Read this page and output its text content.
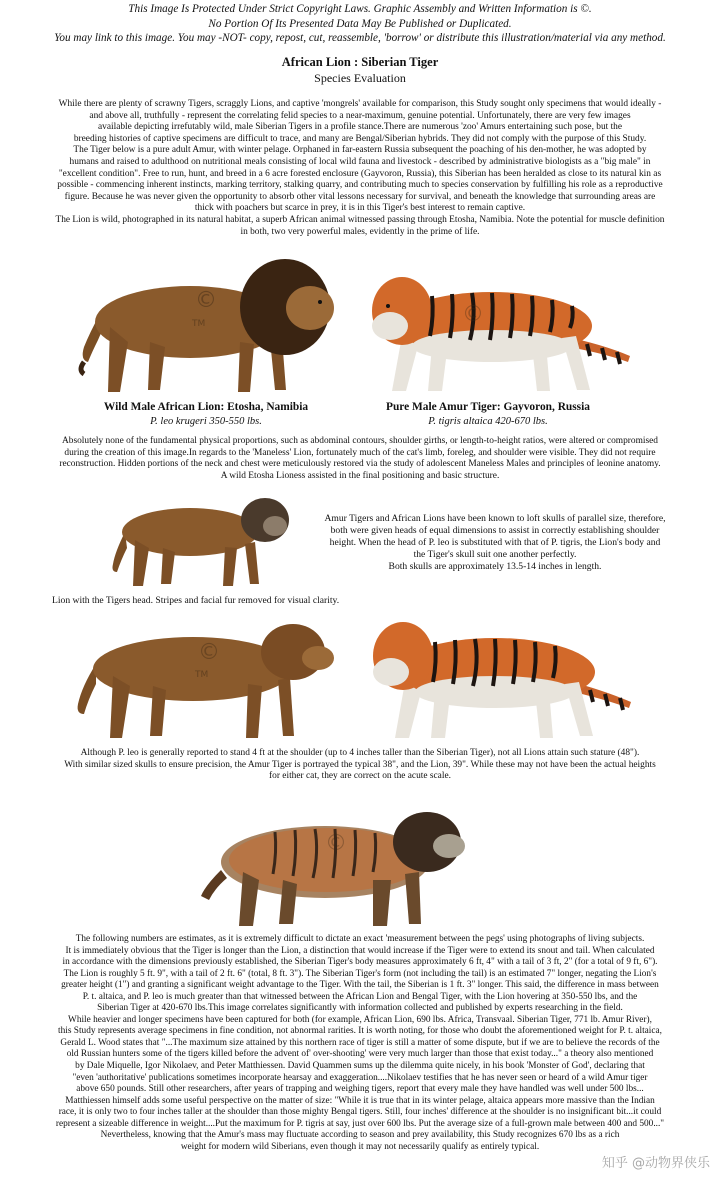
This Image Is Protected Under Strict Copyright Laws. Graphic Assembly and Written Information is ©.
No Portion Of Its Presented Data May Be Published or Duplicated.
You may link to this image. You may -NOT- copy, repost, cut, reassemble, 'borrow' or distribute this illustration/material via any method.
African Lion : Siberian Tiger
Species Evaluation
While there are plenty of scrawny Tigers, scraggly Lions, and captive 'mongrels' available for comparison, this Study sought only specimens that would ideally -
and above all, truthfully - represent the correlating felid species to a near-maximum, genuine potential. Unfortunately, there are very few images
available depicting irrefutably wild, male Siberian Tigers in a profile stance.There are numerous 'zoo' Amurs entertaining such pose, but the
breeding histories of captive specimens are difficult to trace, and many are Bengal/Siberian hybrids. They did not comply with the purpose of this Study.
The Tiger below is a pure adult Amur, with winter pelage. Orphaned in far-eastern Russia subsequent the poaching of his den-mother, he was adopted by
humans and raised to adulthood on nutritional meals consisting of local wild fauna and livestock - described by administrative biologists as a "big male" in
"excellent condition". Free to run, hunt, and breed in a 6 acre forested enclosure (Gayvoron, Russia), this Siberian has been heralded as close to its natural kin as
possible - commencing inherent instincts, marking territory, stalking quarry, and contributing much to species conservation by fulfilling his role as a reproductive
figure. Because he was never given the opportunity to absorb other vital lessons necessary for survival, and beneath the knowledge that surrounding areas are
thick with poachers but scarce in prey, it is in this Tiger's best interest to remain captive.
The Lion is wild, photographed in its natural habitat, a superb African animal witnessed passing through Etosha, Namibia. Note the potential for muscle definition
in both, two very powerful males, evidently in the prime of life.
©
TM	©
Wild Male African Lion: Etosha, Namibia
P. leo krugeri 350-550 lbs.
Pure Male Amur Tiger: Gayvoron, Russia
P. tigris altaica 420-670 lbs.
Absolutely none of the fundamental physical proportions, such as abdominal contours, shoulder girths, or length-to-height ratios, were altered or compromised
during the creation of this image.In regards to the 'Maneless' Lion, fortunately much of the cat's limb, foreleg, and shoulder were visible. They did not require
reconstruction. Hidden portions of the neck and chest were meticulously restored via the study of adolescent Maneless Males and principles of leonine anatomy.
A wild Etosha Lioness assisted in the final positioning and basic structure.
Amur Tigers and African Lions have been known to loft skulls of parallel size, therefore,
both were given heads of equal dimensions to assist in correctly establishing shoulder
height. When the head of P. leo is substituted with that of P. tigris, the Lion's body and
the Tiger's skull suit one another perfectly.
Both skulls are approximately 13.5-14 inches in length.
Lion with the Tigers head. Stripes and facial fur removed for visual clarity.
©
TM
Although P. leo is generally reported to stand 4 ft at the shoulder (up to 4 inches taller than the Siberian Tiger), not all Lions attain such stature (48").
With similar sized skulls to ensure precision, the Amur Tiger is portrayed the typical 38", and the Lion, 39". While these may not have been the actual heights
for either cat, they are correct on the acute scale.
©
The following numbers are estimates, as it is extremely difficult to dictate an exact 'measurement between the pegs' using photographs of living subjects.
It is immediately obvious that the Tiger is longer than the Lion, a distinction that would increase if the Tiger were to extend its snout and tail. When calculated
in accordance with the dimensions previously established, the Siberian Tiger's body measures approximately 6 ft, 4" with a tail of 3 ft, 2" (for a total of 9 ft, 6").
The Lion is roughly 5 ft. 9", with a tail of 2 ft. 6" (total, 8 ft. 3"). The Siberian Tiger's form (not including the tail) is an estimated 7" longer, negating the Lion's
greater height (1") and granting a significant weight advantage to the Tiger. With the tail, the Siberian is 1 ft. 3" longer. This said, the difference in mass between
P. t. altaica, and P. leo is much greater than that witnessed between the African Lion and Bengal Tiger, with the Lion hovering at 350-550 lbs, and the
Siberian Tiger at 420-670 lbs.This image correlates significantly with information collected and published by experts researching in the field.
While heavier and longer specimens have been captured for both (for example, African Lion, 690 lbs. Africa, Transvaal. Siberian Tiger, 771 lb. Amur River),
this Study represents average specimens in fine condition, not abnormal rarities. It is worth noting, for those who doubt the aforementioned weight for P. t. altaica,
Gerald L. Wood states that "...The maximum size attained by this northern race of tiger is still a matter of some dispute, but if we are to believe the records of the
old Russian hunters some of the tigers killed before the advent of' over-shooting' were very much larger than those that exist today..." a theory also mentioned
by Dale Miquelle, Igor Nikolaev, and Peter Matthiessen. David Quammen sums up the dilemma quite nicely, in his book 'Monster of God', declaring that
"even 'authoritative' publications sometimes incorporate hearsay and exaggeration....Nikolaev testifies that he has never seen or heard of a wild Amur tiger
above 650 pounds. Still other researchers, after years of trapping and weighing tigers, report that every male they have handled was well under 500 lbs...
Matthiessen himself adds some useful perspective on the matter of size: "While it is true that in its winter pelage, altaica appears more massive than the Indian
race, it is only two to four inches taller at the shoulder than those mighty Bengal tigers. Still, four inches' difference at the shoulder is no insignificant bit...it could
represent a sizeable difference in weight....Put the maximum for P. tigris at say, just over 600 lbs. Put the average size of a full-grown male between 400 and 500..."
Nevertheless, knowing that the Amur's mass may fluctuate according to season and prey availability, this Study recognizes 670 lbs as a rich
weight for modern wild Siberians, even though it may not necessarily qualify as entirely typical.
知乎 @动物界侠乐
